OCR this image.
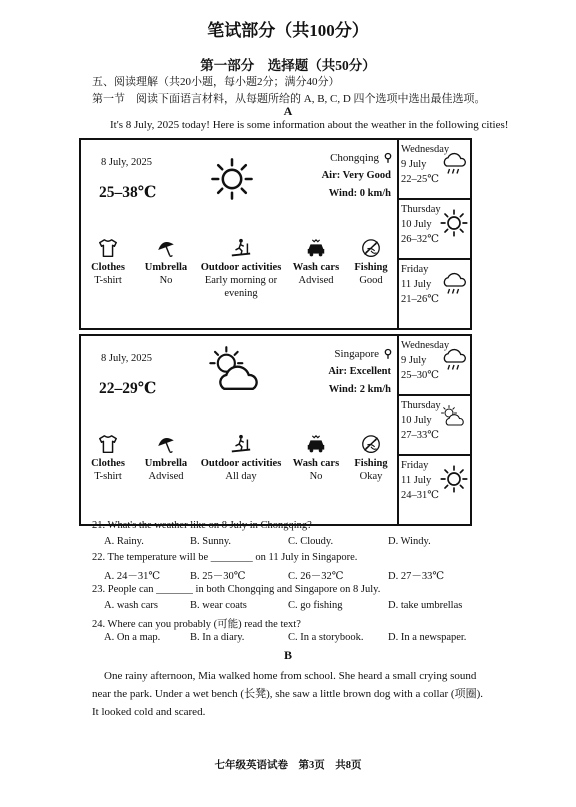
笔试部分（共100分）
第一部分　选择题（共50分）
五、阅读理解（共20小题，每小题2分；满分40分）
第一节　阅读下面语言材料，从每题所给的 A, B, C, D 四个选项中选出最佳选项。
A
It's 8 July, 2025 today! Here is some information about the weather in the following cities!
8 July, 2025
25–38℃
Chongqing
Air: Very Good
Wind: 0 km/h
Clothes
T-shirt
Umbrella
No
Outdoor activities
Early morning or evening
Wash cars
Advised
Fishing
Good
Wednesday
9 July
22–25℃
Thursday
10 July
26–32℃
Friday
11 July
21–26℃
8 July, 2025
22–29℃
Singapore
Air: Excellent
Wind: 2 km/h
Clothes
T-shirt
Umbrella
Advised
Outdoor activities
All day
Wash cars
No
Fishing
Okay
Wednesday
9 July
25–30℃
Thursday
10 July
27–33℃
Friday
11 July
24–31℃
21. What's the weather like on 8 July in Chongqing?
A. Rainy.	B. Sunny.	C. Cloudy.	D. Windy.
22. The temperature will be ________ on 11 July in Singapore.
A. 24－31℃	B. 25－30℃	C. 26－32℃	D. 27－33℃
23. People can _______ in both Chongqing and Singapore on 8 July.
A. wash cars	B. wear coats	C. go fishing	D. take umbrellas
24. Where can you probably (可能) read the text?
A. On a map.	B. In a diary.	C. In a storybook. D. In a newspaper.
B
One rainy afternoon, Mia walked home from school. She heard a small crying sound near the park. Under a wet bench (长凳), she saw a little brown dog with a collar (项圈). It looked cold and scared.
七年级英语试卷　第3页　共8页
